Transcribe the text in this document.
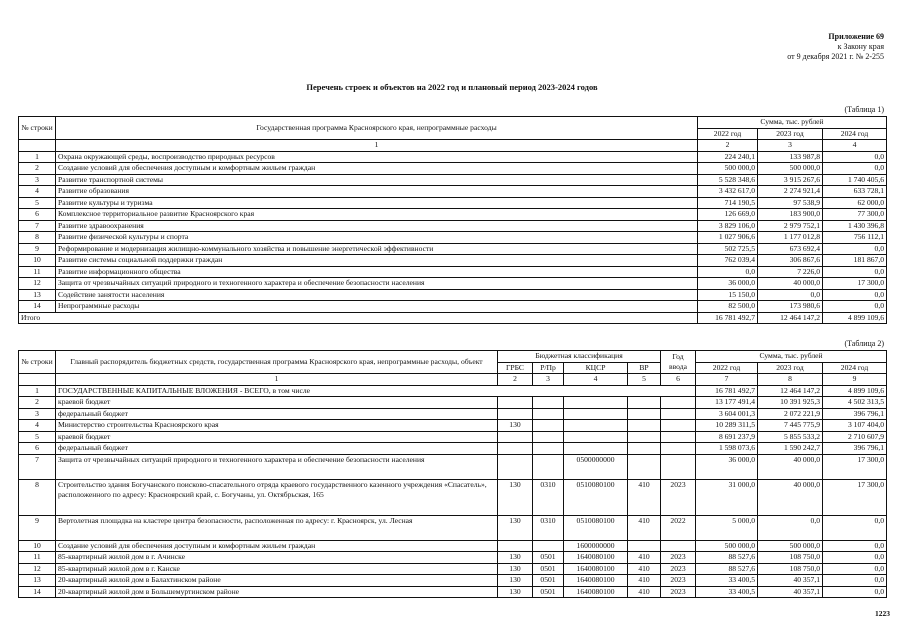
Приложение 69
к Закону края
от 9 декабря 2021 г. № 2-255
Перечень строек и объектов на 2022 год и плановый период 2023-2024 годов
(Таблица 1)
№ строки	Государственная программа Красноярского края, непрограммные расходы	Сумма, тыс. рублей		
		2022 год	2023 год	2024 год
	1	2	3	4
1	Охрана окружающей среды, воспроизводство природных ресурсов	224 240,1	133 987,8	0,0
2	Создание условий для обеспечения доступным и комфортным жильем граждан	500 000,0	500 000,0	0,0
3	Развитие транспортной системы	5 528 348,6	3 915 267,6	1 740 405,6
4	Развитие образования	3 432 617,0	2 274 921,4	633 728,1
5	Развитие культуры и туризма	714 190,5	97 538,9	62 000,0
6	Комплексное территориальное развитие Красноярского края	126 669,0	183 900,0	77 300,0
7	Развитие здравоохранения	3 829 106,0	2 979 752,1	1 430 396,8
8	Развитие физической культуры и спорта	1 027 906,6	1 177 012,8	756 112,1
9	Реформирование и модернизация жилищно-коммунального хозяйства и повышение энергетической эффективности	502 725,5	673 692,4	0,0
10	Развитие системы социальной поддержки граждан	762 039,4	306 867,6	181 867,0
11	Развитие информационного общества	0,0	7 226,0	0,0
12	Защита от чрезвычайных ситуаций природного и техногенного характера и обеспечение безопасности населения	36 000,0	40 000,0	17 300,0
13	Содействие занятости населения	15 150,0	0,0	0,0
14	Непрограммные расходы	82 500,0	173 980,6	0,0
Итого		16 781 492,7	12 464 147,2	4 899 109,6
(Таблица 2)
№ строки	Главный распорядитель бюджетных средств, государственная программа Красноярского края, непрограммные расходы, объект	Бюджетная классификация				Год ввода	Сумма, тыс. рублей		
		ГРБС	Р/Пр	КЦСР	ВР		2022 год	2023 год	2024 год
	1	2	3	4	5	6	7	8	9
1	ГОСУДАРСТВЕННЫЕ КАПИТАЛЬНЫЕ ВЛОЖЕНИЯ - ВСЕГО, в том числе						16 781 492,7	12 464 147,2	4 899 109,6
2	краевой бюджет						13 177 491,4	10 391 925,3	4 502 313,5
3	федеральный бюджет						3 604 001,3	2 072 221,9	396 796,1
4	Министерство строительства Красноярского края	130					10 289 311,5	7 445 775,9	3 107 404,0
5	краевой бюджет						8 691 237,9	5 855 533,2	2 710 607,9
6	федеральный бюджет						1 598 073,6	1 590 242,7	396 796,1
7	Защита от чрезвычайных ситуаций природного и техногенного характера и обеспечение безопасности населения			0500000000			36 000,0	40 000,0	17 300,0
8	Строительство здания Богучанского поисково-спасательного отряда краевого государственного казенного учреждения «Спасатель», расположенного по адресу: Красноярский край, с. Богучаны, ул. Октябрьская, 165	130	0310	0510080100	410	2023	31 000,0	40 000,0	17 300,0
9	Вертолетная площадка на кластере центра безопасности, расположенная по адресу: г. Красноярск, ул. Лесная	130	0310	0510080100	410	2022	5 000,0	0,0	0,0
10	Создание условий для обеспечения доступным и комфортным жильем граждан			1600000000			500 000,0	500 000,0	0,0
11	85-квартирный жилой дом в г. Ачинске	130	0501	1640080100	410	2023	88 527,6	108 750,0	0,0
12	85-квартирный жилой дом в г. Канске	130	0501	1640080100	410	2023	88 527,6	108 750,0	0,0
13	20-квартирный жилой дом в Балахтинском районе	130	0501	1640080100	410	2023	33 400,5	40 357,1	0,0
14	20-квартирный жилой дом в Большемуртинском районе	130	0501	1640080100	410	2023	33 400,5	40 357,1	0,0
1223
